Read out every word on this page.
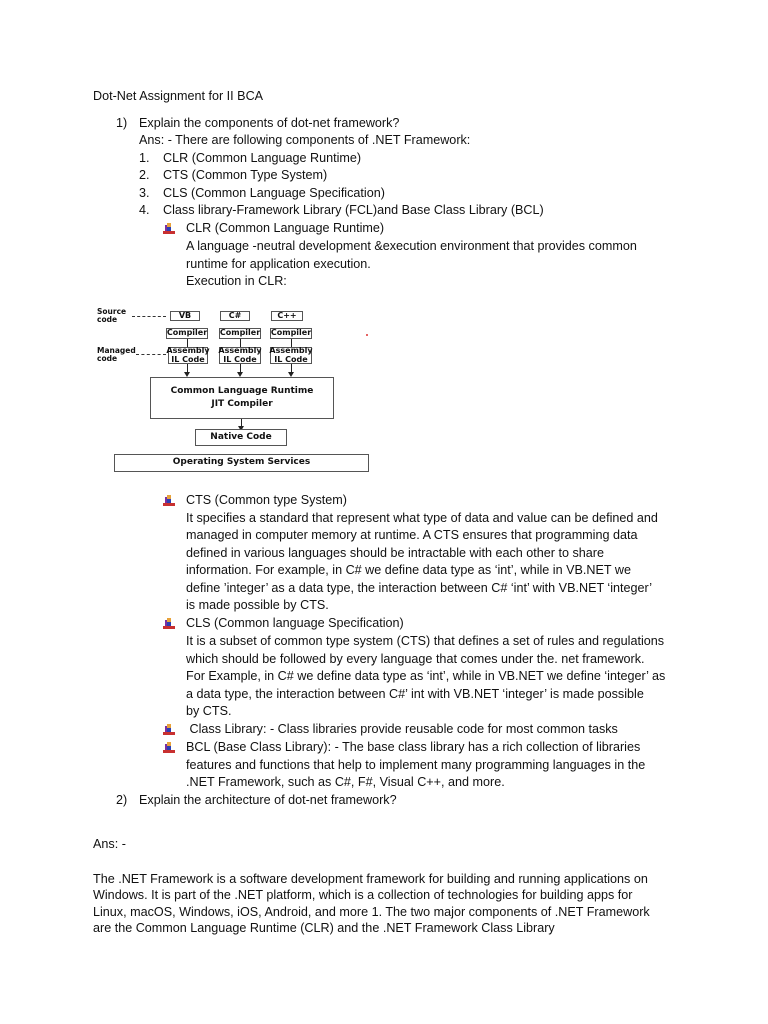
Dot-Net Assignment for II BCA
1) Explain the components of dot-net framework?
Ans: - There are following components of .NET Framework:
1. CLR (Common Language Runtime)
2. CTS (Common Type System)
3. CLS (Common Language Specification)
4. Class library-Framework Library (FCL)and Base Class Library (BCL)
CLR (Common Language Runtime)
A language -neutral development &execution environment that provides common
runtime for application execution.
Execution in CLR:
Source
code	VB	C#	C++
Compiler Compiler Compiler
Managed
code
Assembly
IL Code
Assembly
IL Code
Assembly
IL Code
Common Language Runtime
JIT Compiler
Native Code
Operating System Services
CTS (Common type System)
It specifies a standard that represent what type of data and value can be defined and
managed in computer memory at runtime. A CTS ensures that programming data
defined in various languages should be intractable with each other to share
information. For example, in C# we define data type as ‘int’, while in VB.NET we
define ’integer’ as a data type, the interaction between C# ‘int’ with VB.NET ‘integer’
is made possible by CTS.
CLS (Common language Specification)
It is a subset of common type system (CTS) that defines a set of rules and regulations
which should be followed by every language that comes under the. net framework.
For Example, in C# we define data type as ‘int’, while in VB.NET we define ‘integer’ as
a data type, the interaction between C#’ int with VB.NET ‘integer’ is made possible
by CTS.
Class Library: - Class libraries provide reusable code for most common tasks
BCL (Base Class Library): - The base class library has a rich collection of libraries
features and functions that help to implement many programming languages in the
.NET Framework, such as C#, F#, Visual C++, and more.
2) Explain the architecture of dot-net framework?
Ans: -
The .NET Framework is a software development framework for building and running applications on
Windows. It is part of the .NET platform, which is a collection of technologies for building apps for
Linux, macOS, Windows, iOS, Android, and more 1. The two major components of .NET Framework
are the Common Language Runtime (CLR) and the .NET Framework Class Library
